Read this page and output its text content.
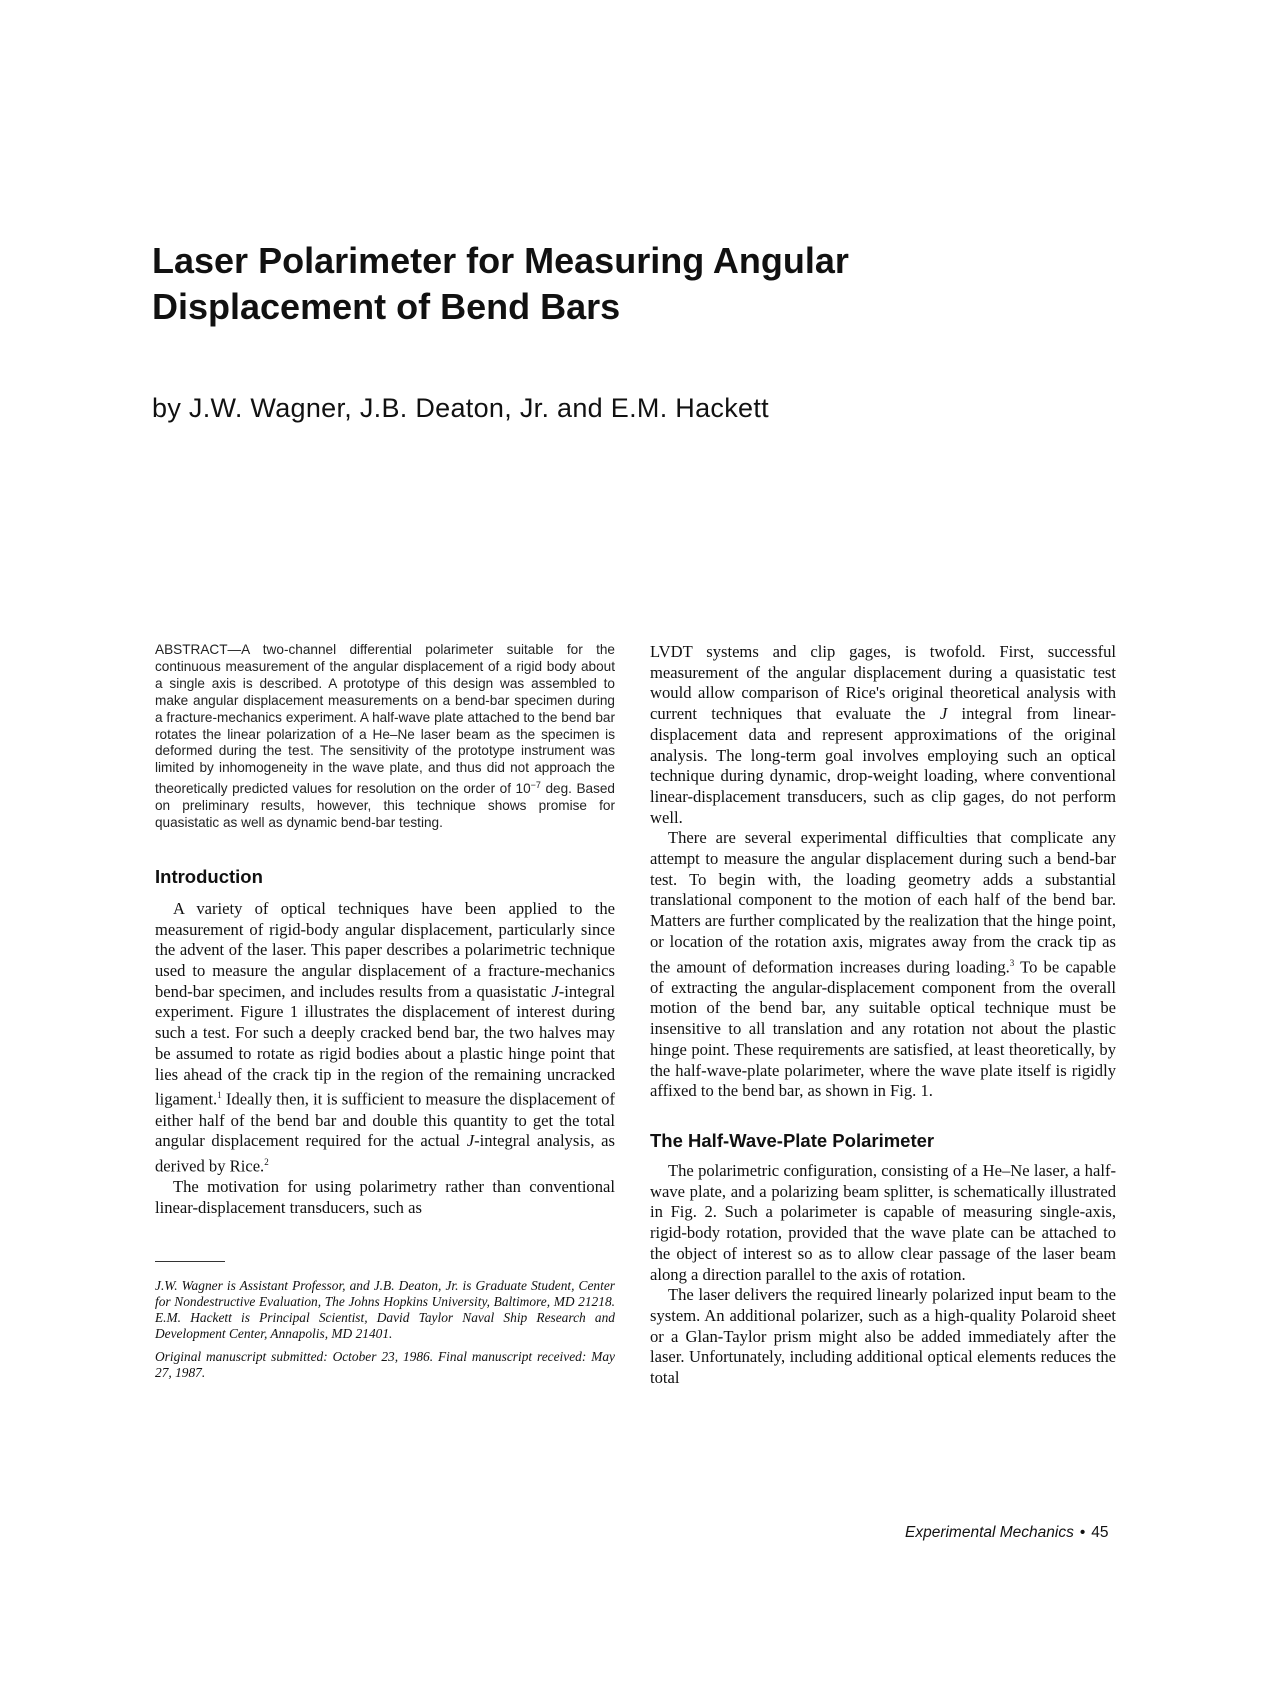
Laser Polarimeter for Measuring Angular
Displacement of Bend Bars

by J.W. Wagner, J.B. Deaton, Jr. and E.M. Hackett

ABSTRACT—A two-channel differential polarimeter suitable for the continuous measurement of the angular displacement of a rigid body about a single axis is described. A prototype of this design was assembled to make angular displacement measurements on a bend-bar specimen during a fracture-mechanics experiment. A half-wave plate attached to the bend bar rotates the linear polarization of a He–Ne laser beam as the specimen is deformed during the test. The sensitivity of the prototype instrument was limited by inhomogeneity in the wave plate, and thus did not approach the theoretically predicted values for resolution on the order of $10^{-7}$ deg. Based on preliminary results, however, this technique shows promise for quasistatic as well as dynamic bend-bar testing.

Introduction

A variety of optical techniques have been applied to the measurement of rigid-body angular displacement, particularly since the advent of the laser. This paper describes a polarimetric technique used to measure the angular displacement of a fracture-mechanics bend-bar specimen, and includes results from a quasistatic J-integral experiment. Figure 1 illustrates the displacement of interest during such a test. For such a deeply cracked bend bar, the two halves may be assumed to rotate as rigid bodies about a plastic hinge point that lies ahead of the crack tip in the region of the remaining uncracked ligament.$^1$ Ideally then, it is sufficient to measure the displacement of either half of the bend bar and double this quantity to get the total angular displacement required for the actual J-integral analysis, as derived by Rice.$^2$

The motivation for using polarimetry rather than conventional linear-displacement transducers, such as

J.W. Wagner is Assistant Professor, and J.B. Deaton, Jr. is Graduate Student, Center for Nondestructive Evaluation, The Johns Hopkins University, Baltimore, MD 21218. E.M. Hackett is Principal Scientist, David Taylor Naval Ship Research and Development Center, Annapolis, MD 21401.

Original manuscript submitted: October 23, 1986. Final manuscript received: May 27, 1987.

LVDT systems and clip gages, is twofold. First, successful measurement of the angular displacement during a quasistatic test would allow comparison of Rice's original theoretical analysis with current techniques that evaluate the J integral from linear-displacement data and represent approximations of the original analysis. The long-term goal involves employing such an optical technique during dynamic, drop-weight loading, where conventional linear-displacement transducers, such as clip gages, do not perform well.

There are several experimental difficulties that complicate any attempt to measure the angular displacement during such a bend-bar test. To begin with, the loading geometry adds a substantial translational component to the motion of each half of the bend bar. Matters are further complicated by the realization that the hinge point, or location of the rotation axis, migrates away from the crack tip as the amount of deformation increases during loading.$^3$ To be capable of extracting the angular-displacement component from the overall motion of the bend bar, any suitable optical technique must be insensitive to all translation and any rotation not about the plastic hinge point. These requirements are satisfied, at least theoretically, by the half-wave-plate polarimeter, where the wave plate itself is rigidly affixed to the bend bar, as shown in Fig. 1.

The Half-Wave-Plate Polarimeter

The polarimetric configuration, consisting of a He–Ne laser, a half-wave plate, and a polarizing beam splitter, is schematically illustrated in Fig. 2. Such a polarimeter is capable of measuring single-axis, rigid-body rotation, provided that the wave plate can be attached to the object of interest so as to allow clear passage of the laser beam along a direction parallel to the axis of rotation.

The laser delivers the required linearly polarized input beam to the system. An additional polarizer, such as a high-quality Polaroid sheet or a Glan-Taylor prism might also be added immediately after the laser. Unfortunately, including additional optical elements reduces the total

Experimental Mechanics • 45
